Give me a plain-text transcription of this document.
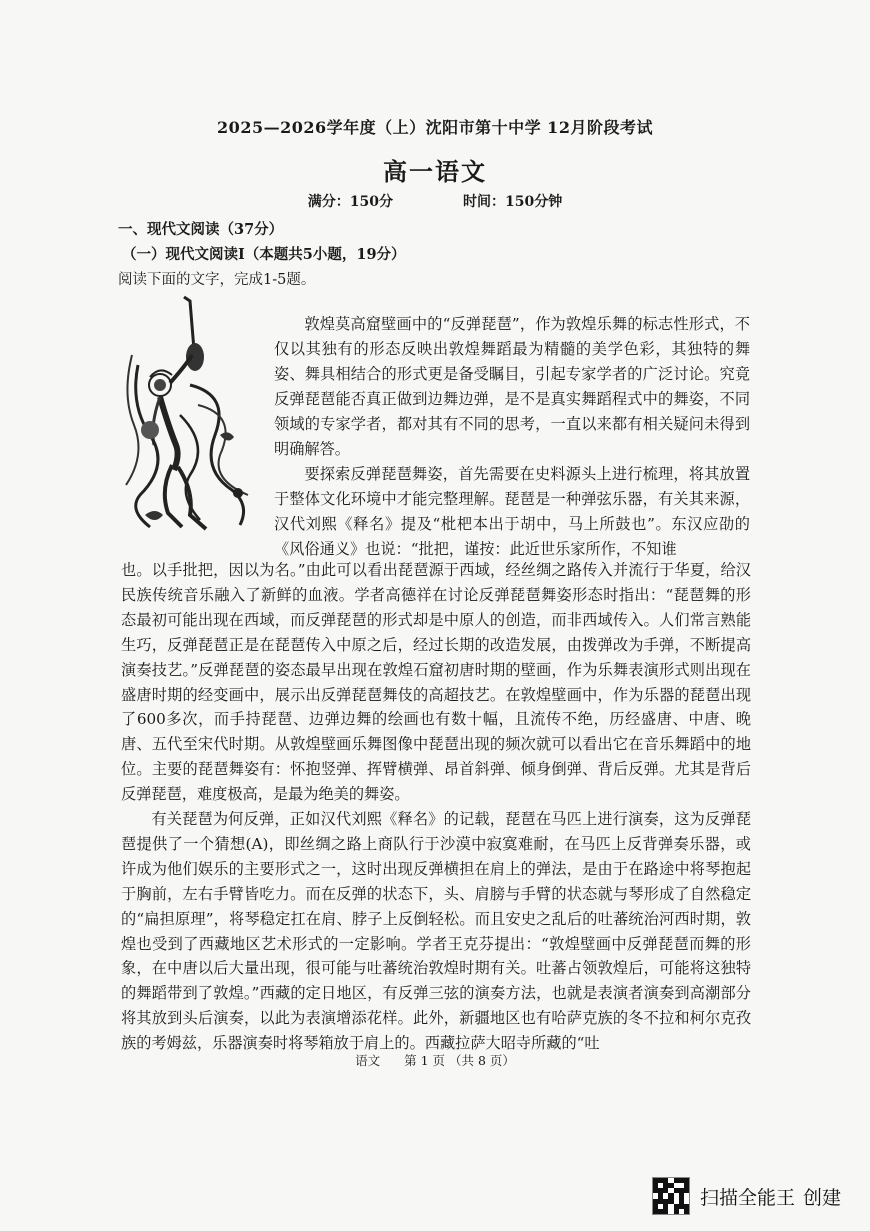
2025—2026学年度（上）沈阳市第十中学 12月阶段考试
高一语文
满分：150分	时间：150分钟
一、现代文阅读（37分）
（一）现代文阅读Ⅰ（本题共5小题，19分）
阅读下面的文字，完成1-5题。
敦煌莫高窟壁画中的“反弹琵琶”，作为敦煌乐舞的标志性形式，不仅以其独有的形态反映出敦煌舞蹈最为精髓的美学色彩，其独特的舞姿、舞具相结合的形式更是备受瞩目，引起专家学者的广泛讨论。究竟反弹琵琶能否真正做到边舞边弹，是不是真实舞蹈程式中的舞姿，不同领域的专家学者，都对其有不同的思考，一直以来都有相关疑问未得到明确解答。
要探索反弹琵琶舞姿，首先需要在史料源头上进行梳理，将其放置于整体文化环境中才能完整理解。琵琶是一种弹弦乐器，有关其来源，汉代刘熙《释名》提及“枇杷本出于胡中，马上所鼓也”。东汉应劭的《风俗通义》也说：“批把，谨按：此近世乐家所作，不知谁
也。以手批把，因以为名。”由此可以看出琵琶源于西域，经丝绸之路传入并流行于华夏，给汉民族传统音乐融入了新鲜的血液。学者高德祥在讨论反弹琵琶舞姿形态时指出：“琵琶舞的形态最初可能出现在西域，而反弹琵琶的形式却是中原人的创造，而非西域传入。人们常言熟能生巧，反弹琵琶正是在琵琶传入中原之后，经过长期的改造发展，由拨弹改为手弹，不断提高演奏技艺。”反弹琵琶的姿态最早出现在敦煌石窟初唐时期的壁画，作为乐舞表演形式则出现在盛唐时期的经变画中，展示出反弹琵琶舞伎的高超技艺。在敦煌壁画中，作为乐器的琵琶出现了600多次，而手持琵琶、边弹边舞的绘画也有数十幅，且流传不绝，历经盛唐、中唐、晚唐、五代至宋代时期。从敦煌壁画乐舞图像中琵琶出现的频次就可以看出它在音乐舞蹈中的地位。主要的琵琶舞姿有：怀抱竖弹、挥臂横弹、昂首斜弹、倾身倒弹、背后反弹。尤其是背后反弹琵琶，难度极高，是最为绝美的舞姿。
有关琵琶为何反弹，正如汉代刘熙《释名》的记载，琵琶在马匹上进行演奏，这为反弹琵琶提供了一个猜想(A)，即丝绸之路上商队行于沙漠中寂寞难耐，在马匹上反背弹奏乐器，或许成为他们娱乐的主要形式之一，这时出现反弹横担在肩上的弹法，是由于在路途中将琴抱起于胸前，左右手臂皆吃力。而在反弹的状态下，头、肩膀与手臂的状态就与琴形成了自然稳定的“扁担原理”，将琴稳定扛在肩、脖子上反倒轻松。而且安史之乱后的吐蕃统治河西时期，敦煌也受到了西藏地区艺术形式的一定影响。学者王克芬提出：“敦煌壁画中反弹琵琶而舞的形象，在中唐以后大量出现，很可能与吐蕃统治敦煌时期有关。吐蕃占领敦煌后，可能将这独特的舞蹈带到了敦煌。”西藏的定日地区，有反弹三弦的演奏方法，也就是表演者演奏到高潮部分将其放到头后演奏，以此为表演增添花样。此外，新疆地区也有哈萨克族的冬不拉和柯尔克孜族的考姆兹，乐器演奏时将琴箱放于肩上的。西藏拉萨大昭寺所藏的“吐
语文 第 1 页 （共 8 页）
扫描全能王 创建
